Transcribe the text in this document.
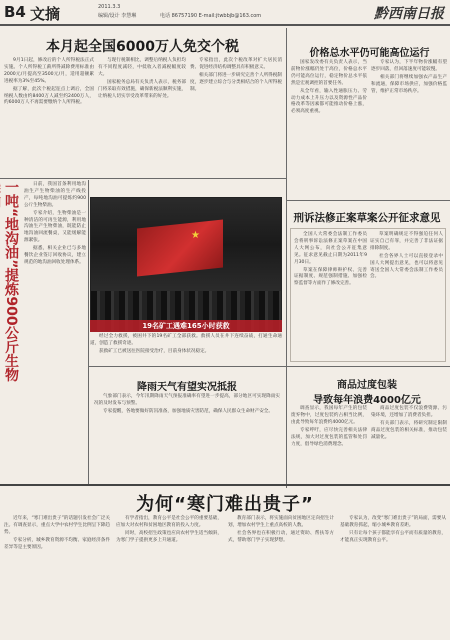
B4 文摘	2011.3.3
编辑/设计 李慧琳	电话 86757190 E-mail:jtwbbjb@163.com	黔西南日报
本月起全国6000万人免交个税	价格总水平仍可能高位运行
刑诉法修正案草案公开征求意见
商品过度包装
导致每年浪费4000亿元
降雨天气有望实况抵报
一吨“地沟油”提炼900公斤生物
为何“寒门难出贵子”

9月1日起，修改后的个人所得税法正式实施。个人所得税工薪所得减除费用标准由2000元/月提高至3500元/月，适用超额累进税率为3%至45%。

据了解，此次个税起征点上调后，全国纳税人数由约8400万人减至约2400万人，约6000万人不再需要缴纳个人所得税。

与现行税制相比，调整后纳税人负担均有不同程度减轻，中低收入者减税幅度较大。

国家税务总局有关负责人表示，税务部门将采取有效措施，确保新税法顺利实施，让纳税人切实享受改革带来的好处。

专家指出，此次个税改革对扩大居民消费、促进经济结构调整具有积极意义。

相关部门将进一步研究完善个人所得税制度，逐步建立综合与分类相结合的个人所得税制。

国家发改委有关负责人表示，当前物价涨幅仍处于高位，价格总水平仍可能高位运行，稳定物价总水平依然是宏观调控的首要任务。

从全年看，输入性通胀压力、劳动力成本上升压力以及资源性产品价格改革等因素都可能推动价格上涨，必须高度重视。

专家认为，下半年物价涨幅有望逐步回落，但回落速度可能较慢。

相关部门将继续加强农产品生产和流通，保障市场供应，加强价格监管，维护正常市场秩序。

全国人大常委会法制工作委员会将刑事诉讼法修正案草案在中国人大网公布，向社会公开征集意见。征求意见截止日期为2011年9月30日。

草案在保障律师辩护权、完善证据制度、规范强制措施、加强检察监督等方面作了修改完善。

草案明确规定不得强迫任何人证实自己有罪，并完善了非法证据排除制度。

社会各界人士可以直接登录中国人大网提出意见，也可以将意见寄送全国人大常委会法制工作委员会。

调查显示，我国每年产生的包装废弃物中，过度包装约占相当比例，由此导致每年浪费约4000亿元。

专家呼吁，应尽快完善相关法律法规，加大对过度包装的监管和处罚力度，倡导绿色消费理念。

商品过度包装不仅浪费资源、污染环境，还增加了消费者负担。

有关部门表示，将研究制定限制商品过度包装的相关标准，推动包装减量化。

日前，我国首条利用地沟油生产生物柴油的生产线投产，每吨地沟油可提炼约900公斤生物柴油。

专家介绍，生物柴油是一种清洁的可再生能源，利用地沟油生产生物柴油，既能防止地沟油回流餐桌，又能缓解能源紧张。

据悉，相关企业已与多地餐饮企业签订回收协议，建立规范的地沟油回收处理体系。

★
19名矿工遇难165小时获救

经过全力救援，被困井下的19名矿工全部获救。救援人员在井下连续奋战，打通生命通道，创造了救援奇迹。

获救矿工已被送往医院接受治疗，目前身体状况稳定。

气象部门表示，今年汛期降雨天气预报准确率有望进一步提高，部分地区可实现降雨实况的及时发布与预警。

专家提醒，各地要做好防汛准备，加强地质灾害防范，确保人民群众生命财产安全。

近年来，“寒门难出贵子”的话题引发社会广泛关注。有调查显示，重点大学中农村学生比例呈下降趋势。

专家分析，城乡教育资源不均衡、家庭经济条件差异等是主要原因。

有学者指出，教育公平是社会公平的重要基础，应加大对农村和贫困地区教育的投入力度。

同时，高校招生政策也应向农村学生适当倾斜，为寒门学子提供更多上升通道。

教育部门表示，将实施面向贫困地区定向招生计划，增加农村学生上重点高校的人数。

社会各界也在积极行动，通过资助、帮扶等方式，帮助寒门学子实现梦想。

专家认为，改变“寒门难出贵子”的局面，需要从基础教育抓起，缩小城乡教育差距。

只有让每个孩子都能享有公平而有质量的教育，才能真正实现教育公平。
